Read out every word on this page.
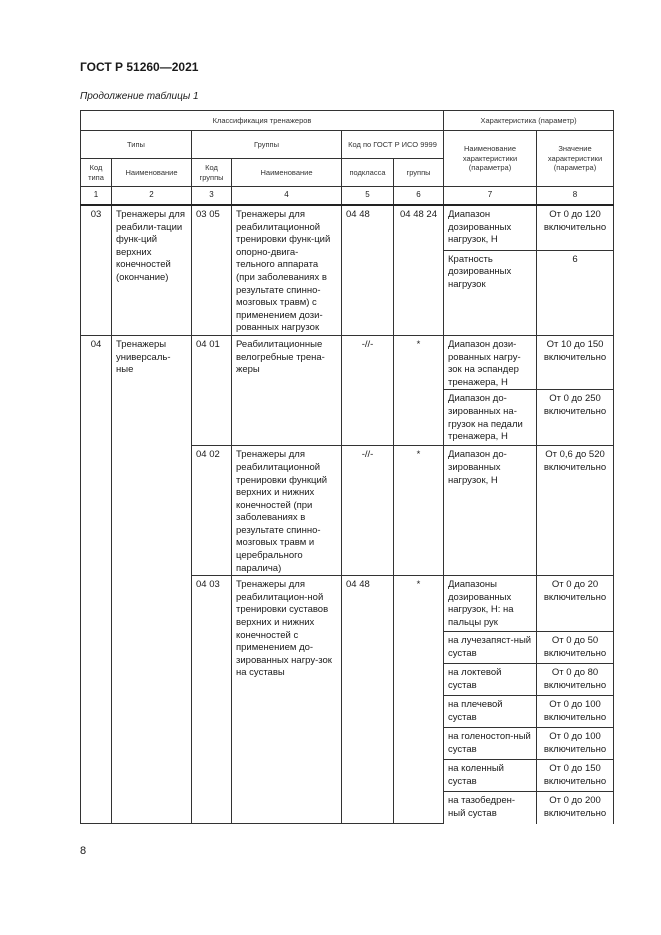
ГОСТ Р 51260—2021
Продолжение таблицы 1
Классификация тренажеров						Характеристика (параметр)	
Типы		Группы		Код по ГОСТ Р ИСО 9999		Наименование характеристики (параметра)	Значение характеристики (параметра)
Код типа	Наименование	Код группы	Наименование	подкласса	группы		
1	2	3	4	5	6	7	8
03	Тренажеры для реабили-тации функ-ций верхних конечностей (окончание)	03 05	Тренажеры для реабилитационной тренировки функ-ций опорно-двига-тельного аппарата (при заболеваниях в результате спинно-мозговых травм) с применением дози-рованных нагрузок	04 48	04 48 24	Диапазон дозированных нагрузок, Н	От 0 до 120 включительно
						Кратность дозированных нагрузок	6
04	Тренажеры универсаль-ные	04 01	Реабилитационные велогребные трена-жеры	-//-	*	Диапазон дози-рованных нагру-зок на эспандер тренажера, Н	От 10 до 150 включительно
						Диапазон до-зированных на-грузок на педали тренажера, Н	От 0 до 250 включительно
		04 02	Тренажеры для реабилитационной тренировки функций верхних и нижних конечностей (при заболеваниях в результате спинно-мозговых травм и церебрального паралича)	-//-	*	Диапазон до-зированных нагрузок, Н	От 0,6 до 520 включительно
		04 03	Тренажеры для реабилитацион-ной тренировки суставов верхних и нижних конечностей с применением до-зированных нагру-зок на суставы	04 48	*	Диапазоны дозированных нагрузок, Н: на пальцы рук	От 0 до 20 включительно
						на лучезапяст-ный сустав	От 0 до 50 включительно
						на локтевой сустав	От 0 до 80 включительно
						на плечевой сустав	От 0 до 100 включительно
						на голеностоп-ный сустав	От 0 до 100 включительно
						на коленный сустав	От 0 до 150 включительно
						на тазобедрен-ный сустав	От 0 до 200 включительно
8
